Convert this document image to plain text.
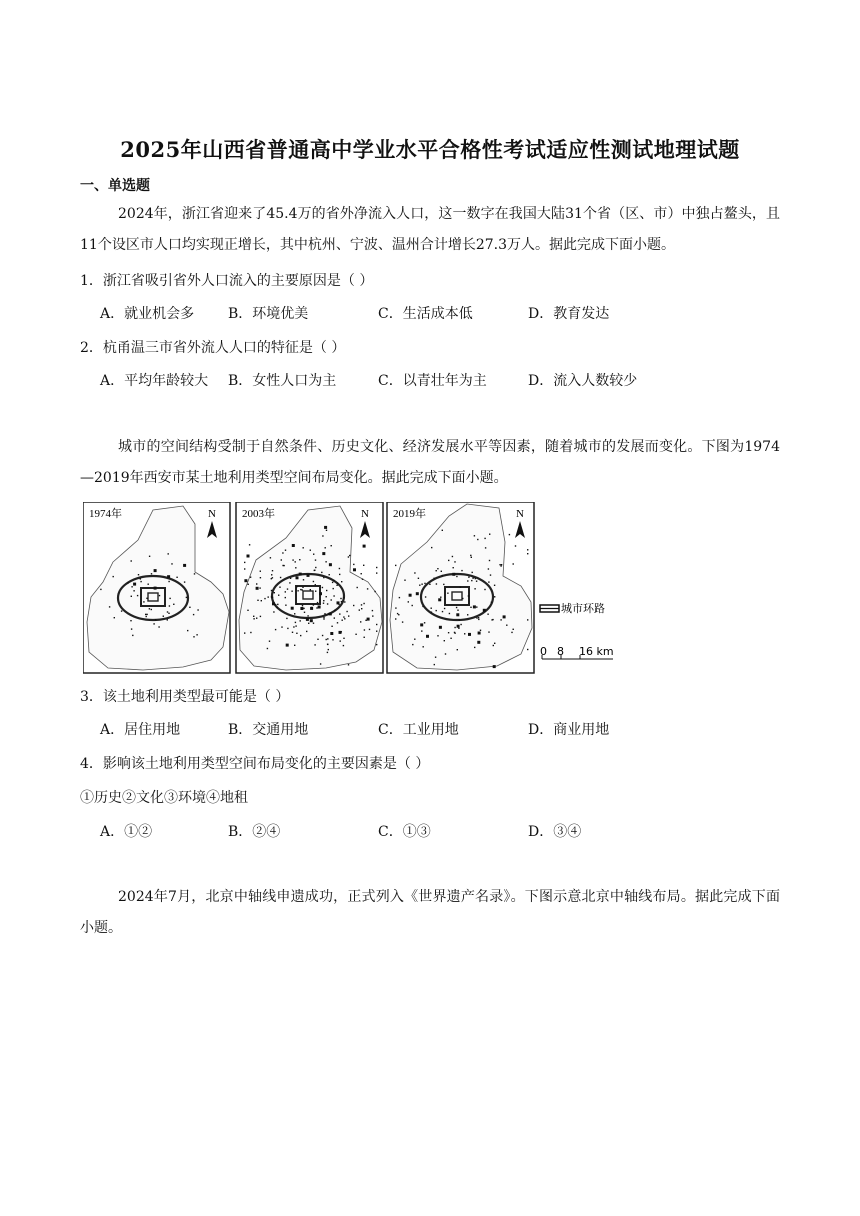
2025年山西省普通高中学业水平合格性考试适应性测试地理试题
一、单选题
2024年，浙江省迎来了45.4万的省外净流入人口，这一数字在我国大陆31个省（区、市）中独占鳌头，且11个设区市人口均实现正增长，其中杭州、宁波、温州合计增长27.3万人。据此完成下面小题。
1．浙江省吸引省外人口流入的主要原因是（ ）
A．就业机会多 B．环境优美	C．生活成本低	D．教育发达
2．杭甬温三市省外流人人口的特征是（ ）
A．平均年龄较大 B．女性人口为主	C．以青壮年为主	D．流入人数较少
城市的空间结构受制于自然条件、历史文化、经济发展水平等因素，随着城市的发展而变化。下图为1974—2019年西安市某土地利用类型空间布局变化。据此完成下面小题。
1974年	N 2003年	N 2019年	N
城市环路
0 8 16 km
3．该土地利用类型最可能是（ ）
A．居住用地	B．交通用地	C．工业用地	D．商业用地
4．影响该土地利用类型空间布局变化的主要因素是（ ）
①历史②文化③环境④地租
A．①②	B．②④	C．①③	D．③④
2024年7月，北京中轴线申遗成功，正式列入《世界遗产名录》。下图示意北京中轴线布局。据此完成下面小题。
